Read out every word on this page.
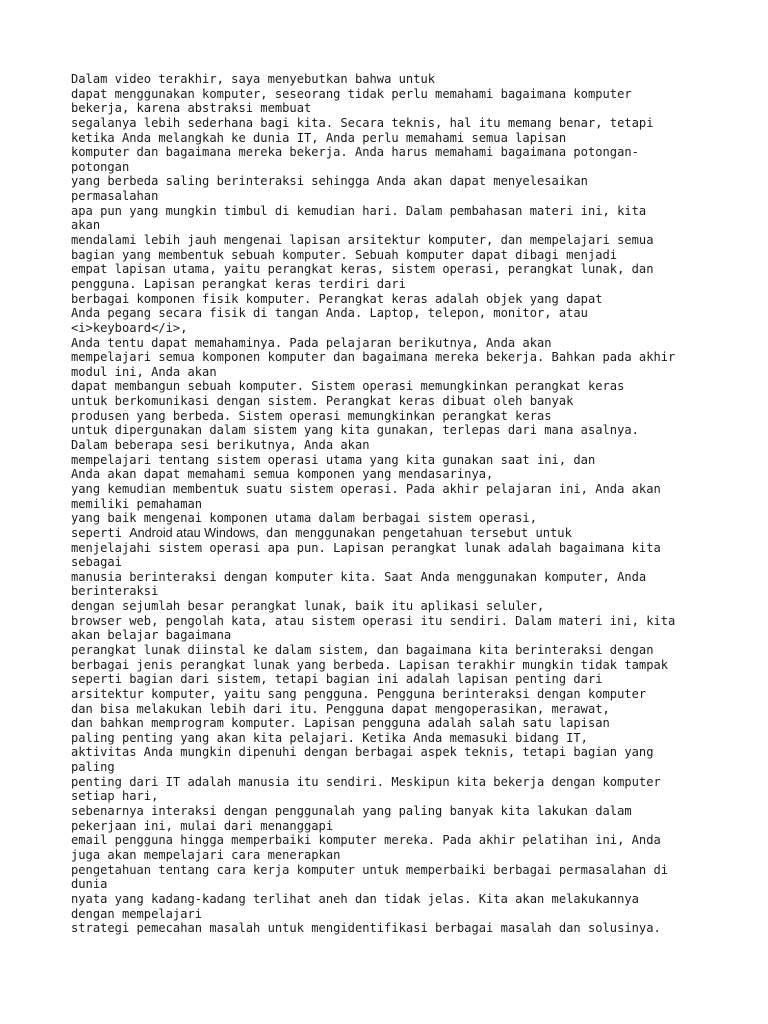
Dalam video terakhir, saya menyebutkan bahwa untuk
dapat menggunakan komputer, seseorang tidak perlu memahami bagaimana komputer
bekerja, karena abstraksi membuat
segalanya lebih sederhana bagi kita. Secara teknis, hal itu memang benar, tetapi
ketika Anda melangkah ke dunia IT, Anda perlu memahami semua lapisan
komputer dan bagaimana mereka bekerja. Anda harus memahami bagaimana potongan-
potongan
yang berbeda saling berinteraksi sehingga Anda akan dapat menyelesaikan
permasalahan
apa pun yang mungkin timbul di kemudian hari. Dalam pembahasan materi ini, kita
akan
mendalami lebih jauh mengenai lapisan arsitektur komputer, dan mempelajari semua
bagian yang membentuk sebuah komputer. Sebuah komputer dapat dibagi menjadi
empat lapisan utama, yaitu perangkat keras, sistem operasi, perangkat lunak, dan
pengguna. Lapisan perangkat keras terdiri dari
berbagai komponen fisik komputer. Perangkat keras adalah objek yang dapat
Anda pegang secara fisik di tangan Anda. Laptop, telepon, monitor, atau
<i>keyboard</i>,
Anda tentu dapat memahaminya. Pada pelajaran berikutnya, Anda akan
mempelajari semua komponen komputer dan bagaimana mereka bekerja. Bahkan pada akhir
modul ini, Anda akan
dapat membangun sebuah komputer. Sistem operasi memungkinkan perangkat keras
untuk berkomunikasi dengan sistem. Perangkat keras dibuat oleh banyak
produsen yang berbeda. Sistem operasi memungkinkan perangkat keras
untuk dipergunakan dalam sistem yang kita gunakan, terlepas dari mana asalnya.
Dalam beberapa sesi berikutnya, Anda akan
mempelajari tentang sistem operasi utama yang kita gunakan saat ini, dan
Anda akan dapat memahami semua komponen yang mendasarinya,
yang kemudian membentuk suatu sistem operasi. Pada akhir pelajaran ini, Anda akan
memiliki pemahaman
yang baik mengenai komponen utama dalam berbagai sistem operasi,
seperti Android atau Windows, dan menggunakan pengetahuan tersebut untuk
menjelajahi sistem operasi apa pun. Lapisan perangkat lunak adalah bagaimana kita
sebagai
manusia berinteraksi dengan komputer kita. Saat Anda menggunakan komputer, Anda
berinteraksi
dengan sejumlah besar perangkat lunak, baik itu aplikasi seluler,
browser web, pengolah kata, atau sistem operasi itu sendiri. Dalam materi ini, kita
akan belajar bagaimana
perangkat lunak diinstal ke dalam sistem, dan bagaimana kita berinteraksi dengan
berbagai jenis perangkat lunak yang berbeda. Lapisan terakhir mungkin tidak tampak
seperti bagian dari sistem, tetapi bagian ini adalah lapisan penting dari
arsitektur komputer, yaitu sang pengguna. Pengguna berinteraksi dengan komputer
dan bisa melakukan lebih dari itu. Pengguna dapat mengoperasikan, merawat,
dan bahkan memprogram komputer. Lapisan pengguna adalah salah satu lapisan
paling penting yang akan kita pelajari. Ketika Anda memasuki bidang IT,
aktivitas Anda mungkin dipenuhi dengan berbagai aspek teknis, tetapi bagian yang
paling
penting dari IT adalah manusia itu sendiri. Meskipun kita bekerja dengan komputer
setiap hari,
sebenarnya interaksi dengan penggunalah yang paling banyak kita lakukan dalam
pekerjaan ini, mulai dari menanggapi
email pengguna hingga memperbaiki komputer mereka. Pada akhir pelatihan ini, Anda
juga akan mempelajari cara menerapkan
pengetahuan tentang cara kerja komputer untuk memperbaiki berbagai permasalahan di
dunia
nyata yang kadang-kadang terlihat aneh dan tidak jelas. Kita akan melakukannya
dengan mempelajari
strategi pemecahan masalah untuk mengidentifikasi berbagai masalah dan solusinya.
